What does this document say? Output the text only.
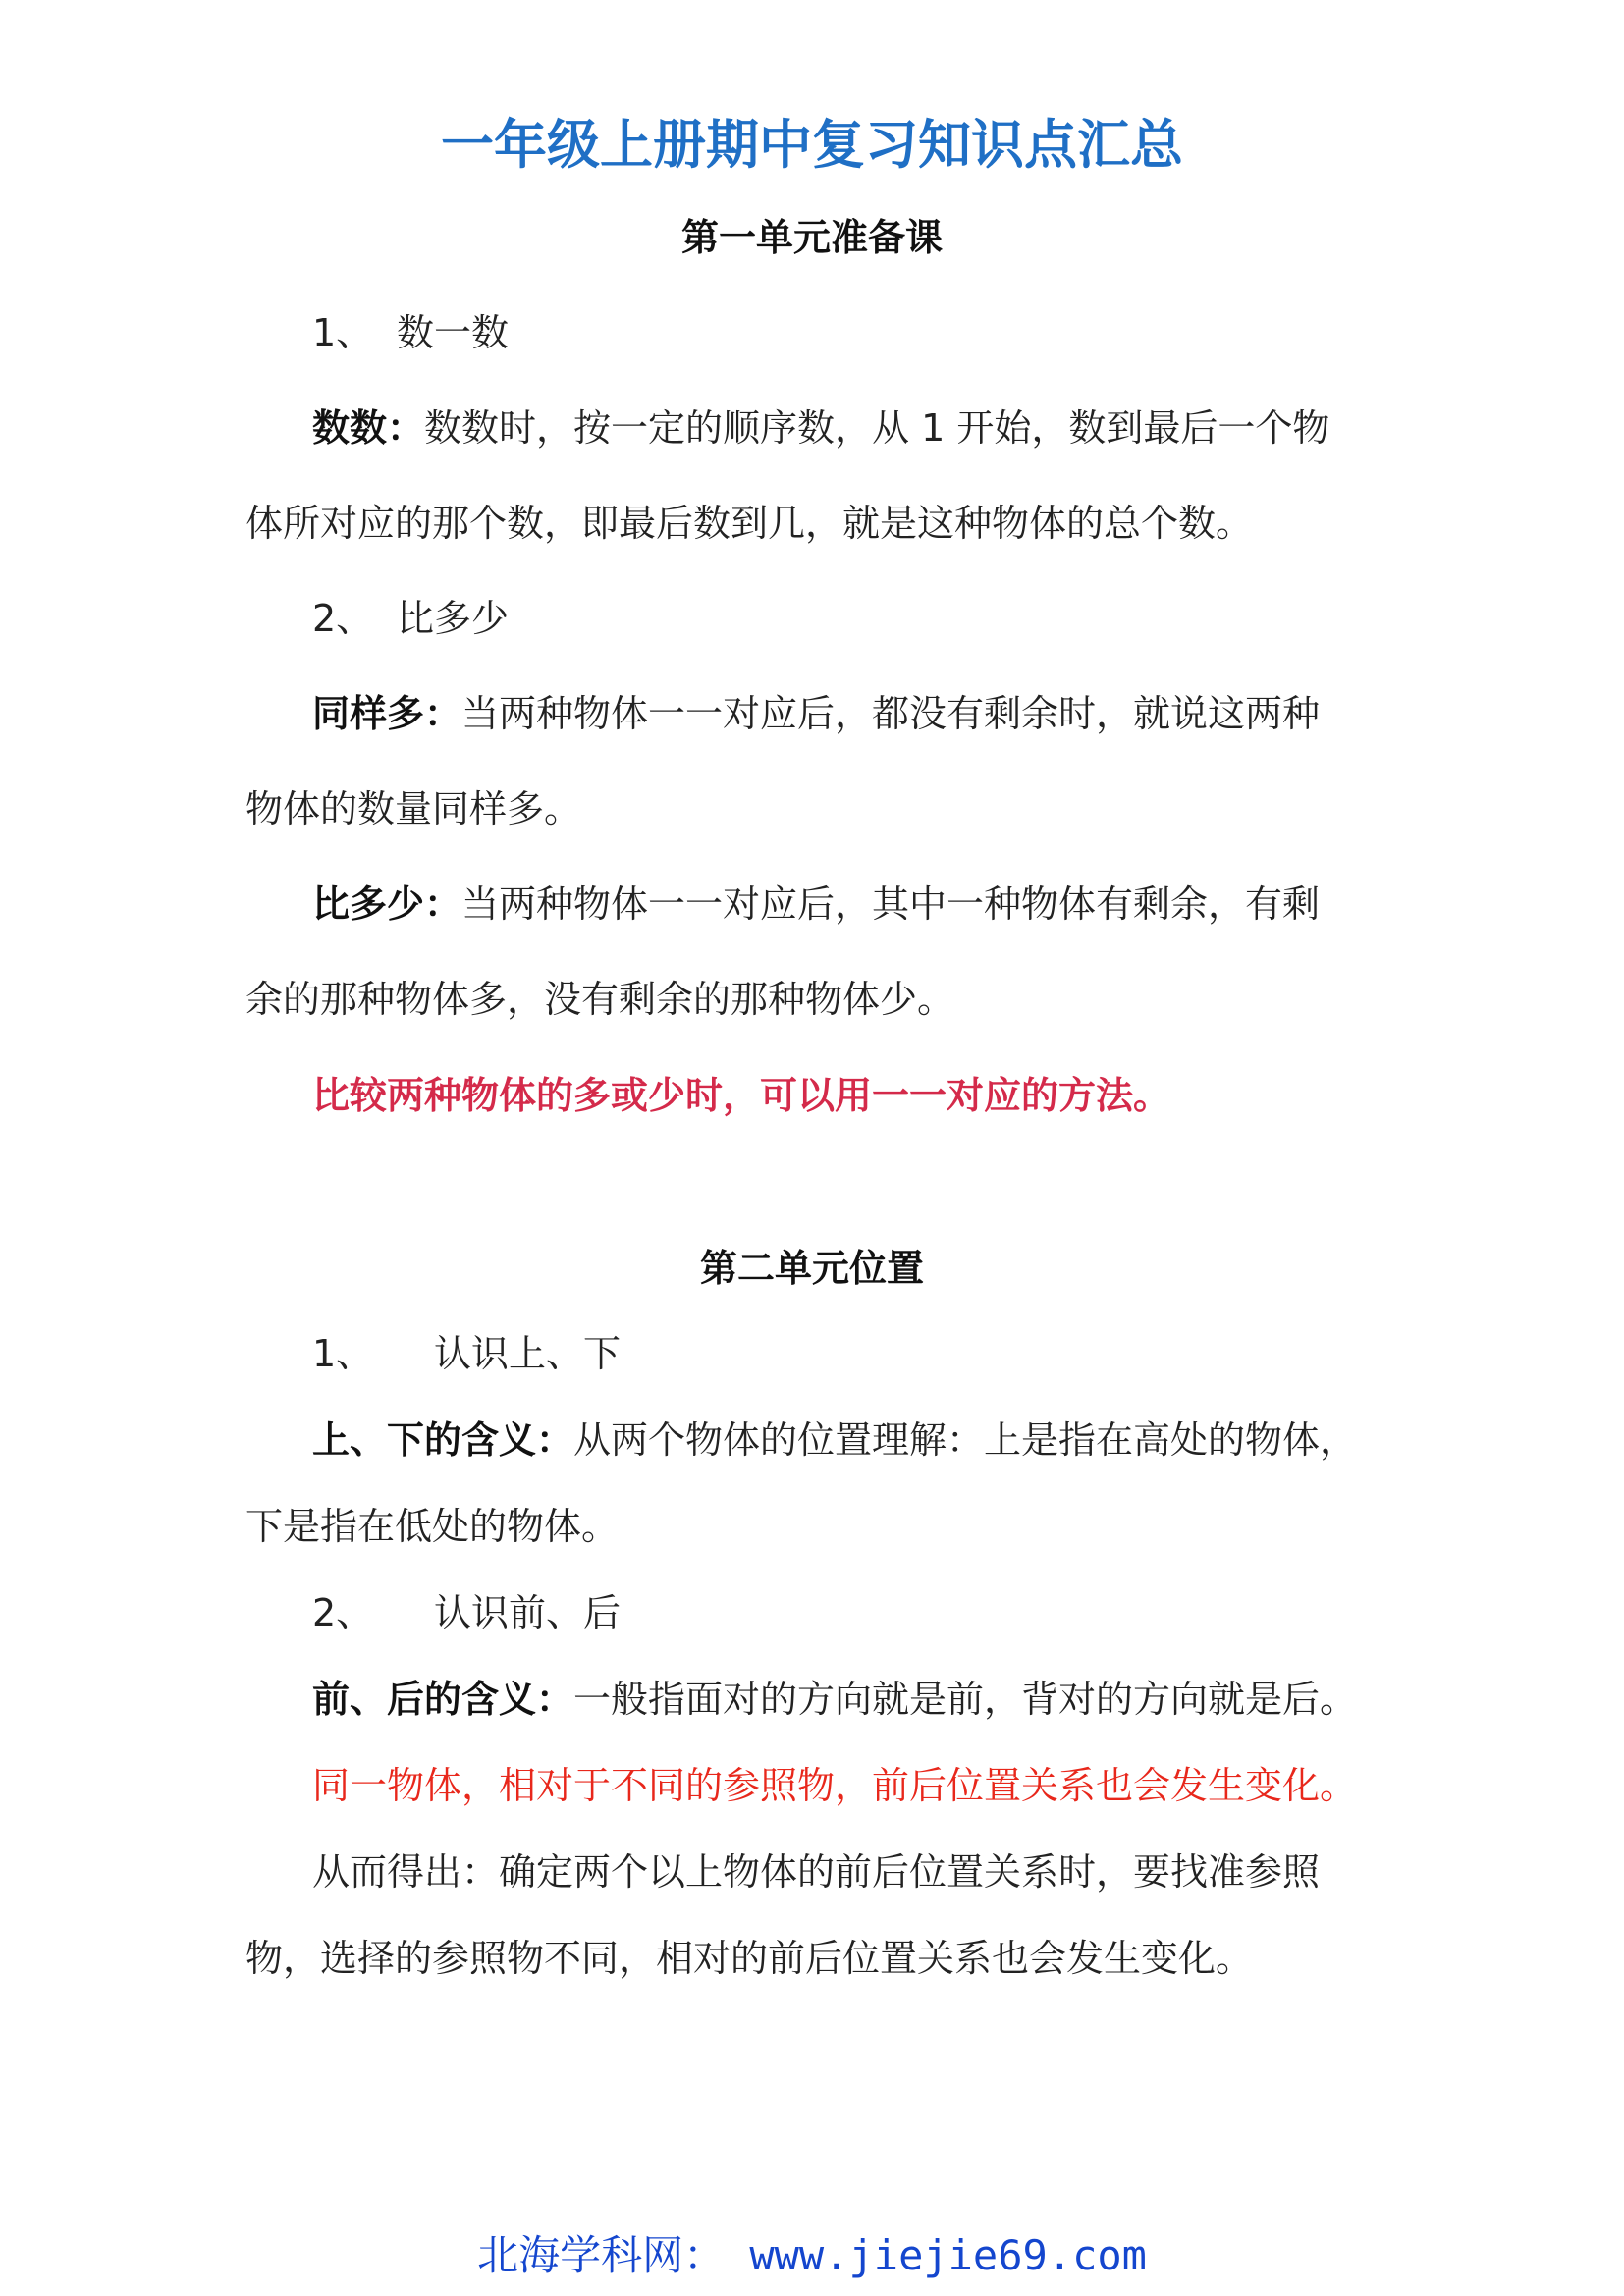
一年级上册期中复习知识点汇总
第一单元准备课
1、 数一数
数数：数数时，按一定的顺序数，从 1 开始，数到最后一个物
体所对应的那个数，即最后数到几，就是这种物体的总个数。
2、 比多少
同样多：当两种物体一一对应后，都没有剩余时，就说这两种
物体的数量同样多。
比多少：当两种物体一一对应后，其中一种物体有剩余，有剩
余的那种物体多，没有剩余的那种物体少。
比较两种物体的多或少时，可以用一一对应的方法。
第二单元位置
1、 认识上、下
上、下的含义：从两个物体的位置理解：上是指在高处的物体，
下是指在低处的物体。
2、 认识前、后
前、后的含义：一般指面对的方向就是前，背对的方向就是后。
同一物体，相对于不同的参照物，前后位置关系也会发生变化。
从而得出：确定两个以上物体的前后位置关系时，要找准参照
物，选择的参照物不同，相对的前后位置关系也会发生变化。
北海学科网： www.jiejie69.com
